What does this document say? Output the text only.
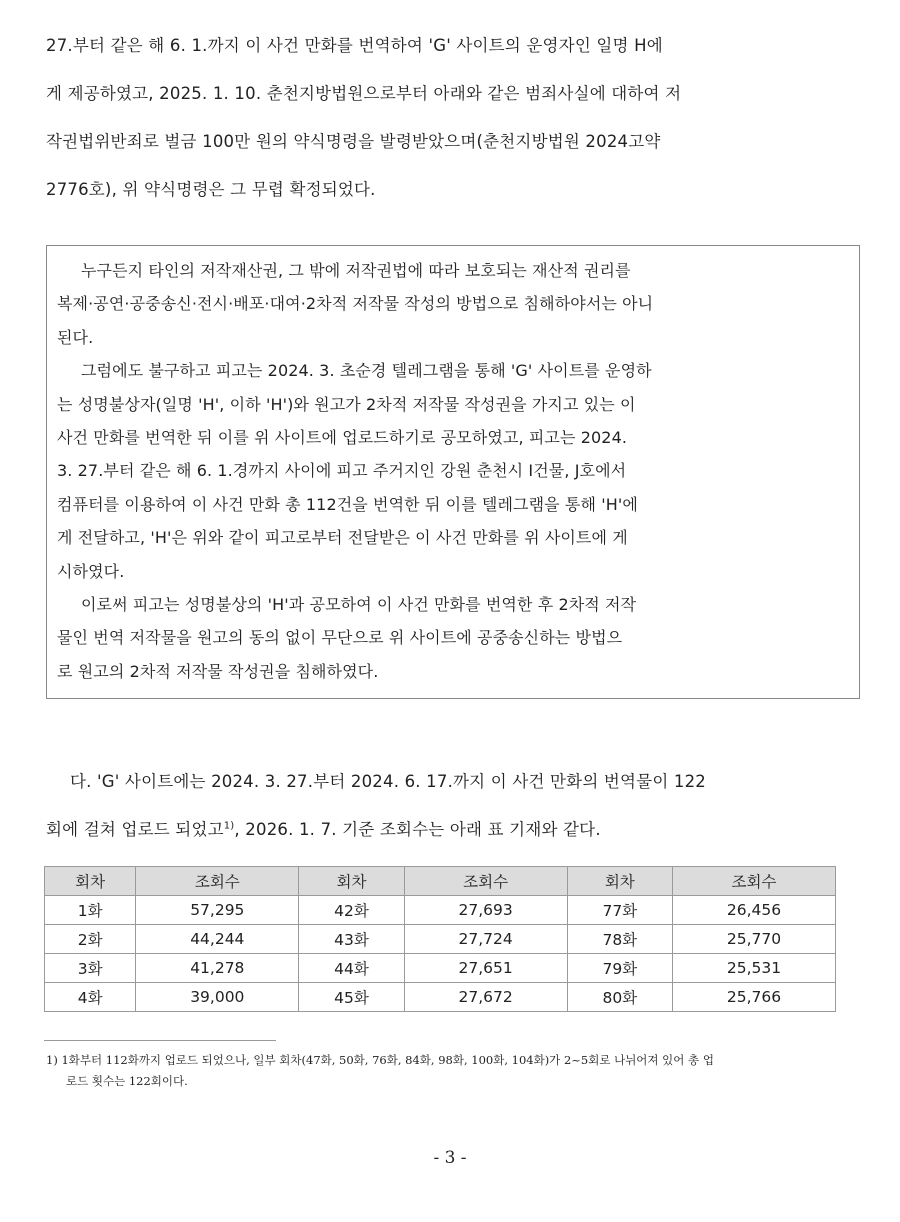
27.부터 같은 해 6. 1.까지 이 사건 만화를 번역하여 'G' 사이트의 운영자인 일명 H에
게 제공하였고, 2025. 1. 10. 춘천지방법원으로부터 아래와 같은 범죄사실에 대하여 저
작권법위반죄로 벌금 100만 원의 약식명령을 발령받았으며(춘천지방법원 2024고약
2776호), 위 약식명령은 그 무렵 확정되었다.
누구든지 타인의 저작재산권, 그 밖에 저작권법에 따라 보호되는 재산적 권리를
복제·공연·공중송신·전시·배포·대여·2차적 저작물 작성의 방법으로 침해하야서는 아니
된다.
그럼에도 불구하고 피고는 2024. 3. 초순경 텔레그램을 통해 'G' 사이트를 운영하
는 성명불상자(일명 'H', 이하 'H')와 원고가 2차적 저작물 작성권을 가지고 있는 이
사건 만화를 번역한 뒤 이를 위 사이트에 업로드하기로 공모하였고, 피고는 2024.
3. 27.부터 같은 해 6. 1.경까지 사이에 피고 주거지인 강원 춘천시 I건물, J호에서
컴퓨터를 이용하여 이 사건 만화 총 112건을 번역한 뒤 이를 텔레그램을 통해 'H'에
게 전달하고, 'H'은 위와 같이 피고로부터 전달받은 이 사건 만화를 위 사이트에 게
시하였다.
이로써 피고는 성명불상의 'H'과 공모하여 이 사건 만화를 번역한 후 2차적 저작
물인 번역 저작물을 원고의 동의 없이 무단으로 위 사이트에 공중송신하는 방법으
로 원고의 2차적 저작물 작성권을 침해하였다.
다. 'G' 사이트에는 2024. 3. 27.부터 2024. 6. 17.까지 이 사건 만화의 번역물이 122
회에 걸쳐 업로드 되었고$^{1)}$, 2026. 1. 7. 기준 조회수는 아래 표 기재와 같다.
회차	조회수	회차	조회수	회차	조회수
1화	57,295	42화	27,693	77화	26,456
2화	44,244	43화	27,724	78화	25,770
3화	41,278	44화	27,651	79화	25,531
4화	39,000	45화	27,672	80화	25,766
1) 1화부터 112화까지 업로드 되었으나, 일부 회차(47화, 50화, 76화, 84화, 98화, 100화, 104화)가 2~5회로 나뉘어져 있어 총 업
로드 횟수는 122회이다.
- 3 -
